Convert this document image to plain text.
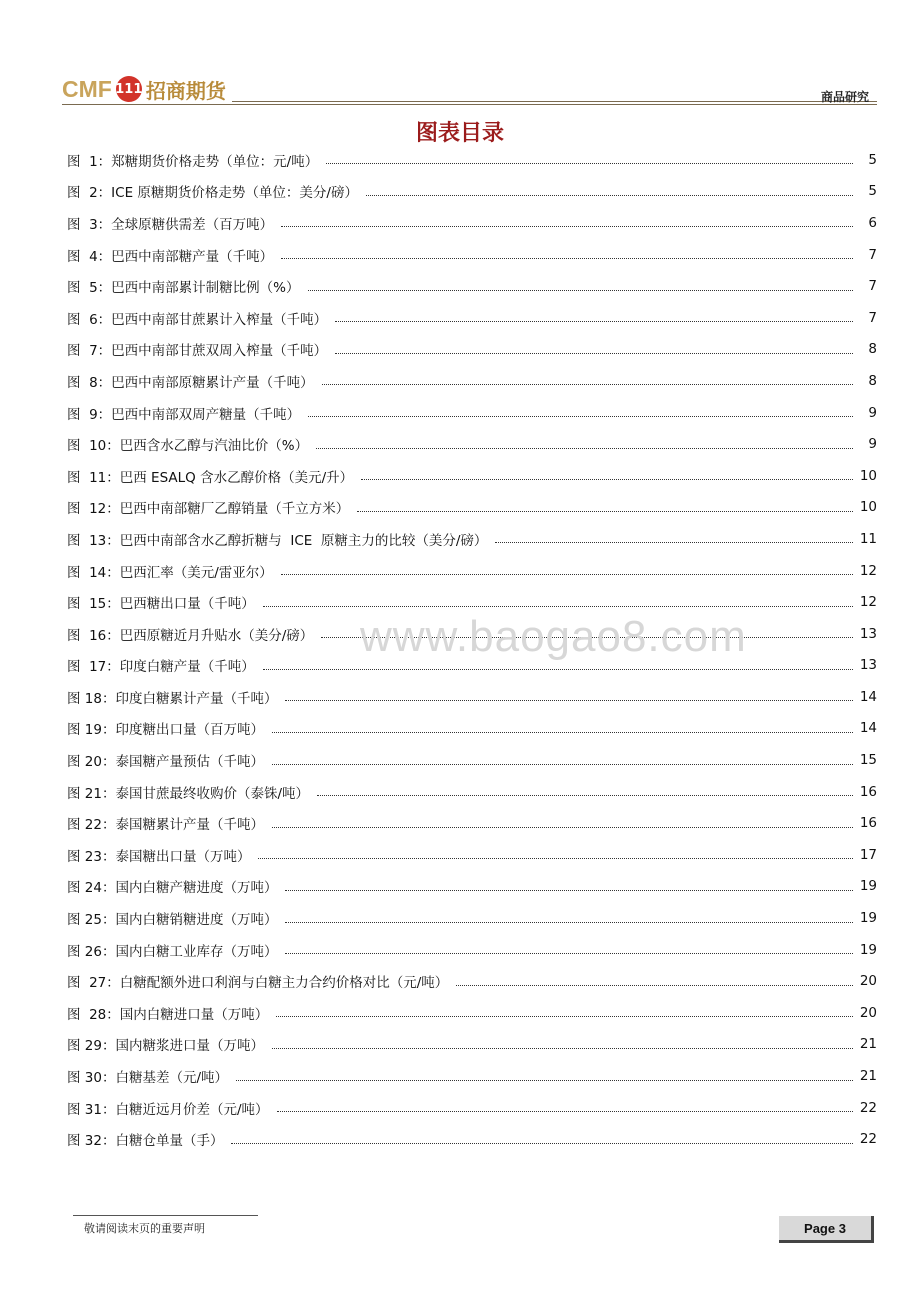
CMF 111 招商期货	商品研究
图表目录
图  1：郑糖期货价格走势（单位：元/吨）	5
图  2：ICE 原糖期货价格走势（单位：美分/磅）	5
图  3：全球原糖供需差（百万吨）	6
图  4：巴西中南部糖产量（千吨）	7
图  5：巴西中南部累计制糖比例（%）	7
图  6：巴西中南部甘蔗累计入榨量（千吨）	7
图  7：巴西中南部甘蔗双周入榨量（千吨）	8
图  8：巴西中南部原糖累计产量（千吨）	8
图  9：巴西中南部双周产糖量（千吨）	9
图  10：巴西含水乙醇与汽油比价（%）	9
图  11：巴西 ESALQ 含水乙醇价格（美元/升）	10
图  12：巴西中南部糖厂乙醇销量（千立方米）	10
图  13：巴西中南部含水乙醇折糖与  ICE  原糖主力的比较（美分/磅）	11
图  14：巴西汇率（美元/雷亚尔）	12
图  15：巴西糖出口量（千吨）	12
图  16：巴西原糖近月升贴水（美分/磅）	13
图  17：印度白糖产量（千吨）	13
图 18：印度白糖累计产量（千吨）	14
图 19：印度糖出口量（百万吨）	14
图 20：泰国糖产量预估（千吨）	15
图 21：泰国甘蔗最终收购价（泰铢/吨）	16
图 22：泰国糖累计产量（千吨）	16
图 23：泰国糖出口量（万吨）	17
图 24：国内白糖产糖进度（万吨）	19
图 25：国内白糖销糖进度（万吨）	19
图 26：国内白糖工业库存（万吨）	19
图  27：白糖配额外进口利润与白糖主力合约价格对比（元/吨）	20
图  28：国内白糖进口量（万吨）	20
图 29：国内糖浆进口量（万吨）	21
图 30：白糖基差（元/吨）	21
图 31：白糖近远月价差（元/吨）	22
图 32：白糖仓单量（手）	22
www.baogao8.com
敬请阅读末页的重要声明	Page 3
